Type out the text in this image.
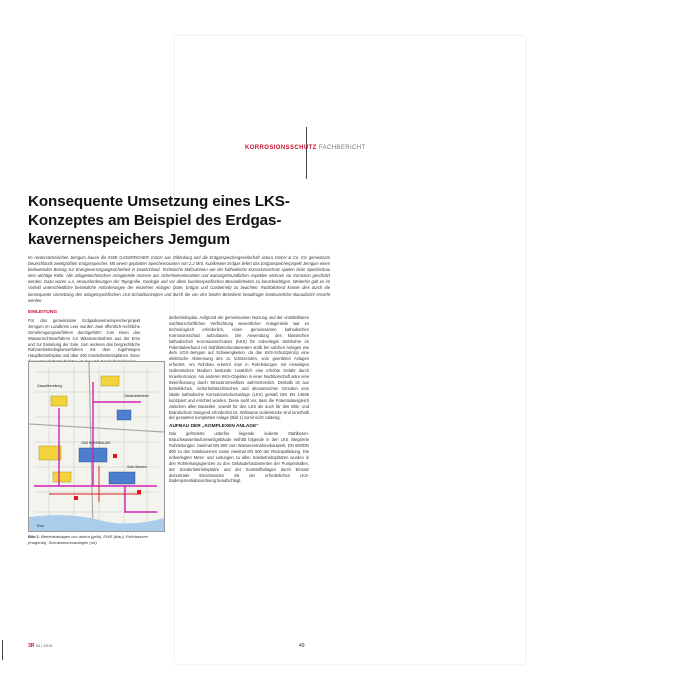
KORROSIONSSCHUTZ FACHBERICHT
Konsequente Umsetzung eines LKS-
Konzeptes am Beispiel des Erdgas-
kavernenspeichers Jemgum
Im niedersächsischen Jemgum bauen die EWE GASSPEICHER GmbH aus Oldenburg und die Erdgasspeichergesellschaft astora GmbH & Co. KG gemeinsam Deutschlands zweitgrößten Erdgasspeicher. Mit einem geplanten Speichervolumen von 2,2 Mrd. Kubikmeter Erdgas liefert das Erdgasspeicherprojekt Jemgum einen bedeutenden Beitrag zur Energieversorgungssicherheit in Deutschland. Technische Maßnahmen wie der kathodische Korrosionsschutz spielen beim Speicherbau eine wichtige Rolle. Alle anlagentechnischen Anlagenteile müssen aus sicherheitsrelevanten und wartungsfreundlichen Aspekten wirksam vor Korrosion geschützt werden. Dazu waren u.a. Herausforderungen der Topografie, Geologie und vor allem kundenspezifischen Besonderheiten zu berücksichtigen. Weiterhin galt es im Vorfeld unterschiedliche betriebliche Anforderungen der einzelnen Anlagen (Sole, Erdgas und Gasbetrieb) zu beachten. Rückblickend konnte dies durch die konsequente Umsetzung des anlagenspezifischen LKS-Schutzkonzeptes und durch die von den beiden Betreibern beauftragte kontinuierliche Bauaufsicht erreicht werden.
EINLEITUNG
Für das gemeinsame Erdgaskavernenspeicherprojekt Jemgum im Landkreis Leer wurden zwei öffentlich-rechtliche Genehmigungsverfahren durchgeführt: zum einen das Wasserrechtsverfahren zur Wasserentnahme aus der Ems und zur Einleitung der Sole, zum anderen das bergrechtliche Rahmenbetriebsplanverfahren mit dem zugehörigen Hauptbetriebsplan und über 200 Sonderbetriebsplänen. Einer
derbetriebsplan. Aufgrund der gemeinsamen Nutzung und der unmittelbaren nachbarschaftlichen Verflechtung wesentlicher Anlagenteile war es technologisch erforderlich, einen gemeinsamen kathodischen Korrosionsschutz aufzubauen. Die Anwendung des klassischen kathodischen Korrosionsschutzes (KKS) für erdverlegte Stahlrohre im Potentialverbund mit Stahlbetonfundamenten stößt bei solchen Anlagen wie dem UGS-Jemgum auf Schwierigkeiten, da das KKS-Schutzprinzip eine elektrische Abtrennung des zu schützenden, vom geerdeten Anlagen erfordert. Am Rohrbau erkennt man in Rohrleitungen mit einseitigen Isolierstücken Medium bestünde zusätzlich eine erhöhte Gefahr durch Innenkorrosion. Am anderen KKS-Objekten in einer Nachbarschaft wäre eine Beeinflussung durch Streustromeinfluss wahrscheinlich. Deshalb ist aus betrieblichen, sicherheitstechnischen und ökonomischen Gründen eine lokale kathodische Korrosionsschutzanlage (LKS) gemäß DIN EN 14505 konzipiert und errichtet worden. Diese sieht vor, dass die Potentialausgleich zwischen allen Bauteilen, sowohl für den LKS als auch für den Blitz- und Brandschutz zwingend erforderlich ist. Wirksame Isolierstücke sind innerhalb der gesamten kompletten Anlage (Bild 1) somit nicht zulässig.
AUFBAU DER „KOMPLEXEN ANLAGE“
Das geförderte unterflur liegende isolierte Stahlbeton-Brauchwasserlaufumwelzgebäude enthält folgende in den LKS integrierte Rohrleitungen: zweimal DN 800 vom Wasserentnahmebauwerk, DN 600/DN 800 zu den Solekavernen sowie zweimal DN 600 der Rückspülleitung. Die erdverlegten Mess- und Leitungen zu allen Solebetriebsplätzen wurden in den Rohrleitungsgrenzen zu den Gebäudefundamenten der Pumpenhallen, der Sondenbetriebsplätze und der Soolstoffanlagen durch Einsatz dezentraler Einzelanoden mit der erforderlichen LKS-Bodenpotentialanordnung beaufschlagt.
Gasaufbereitung
GAS BOHRBAUDE
Gebäudebereich
Sole-/Kavern
Ems
Bild 1: Betriebsanlagen von astora (gelb), EWE (blau), Rohrtrassen (magenta), Schutzstrommanlagen (rot)
3R 04 | 2013	49
